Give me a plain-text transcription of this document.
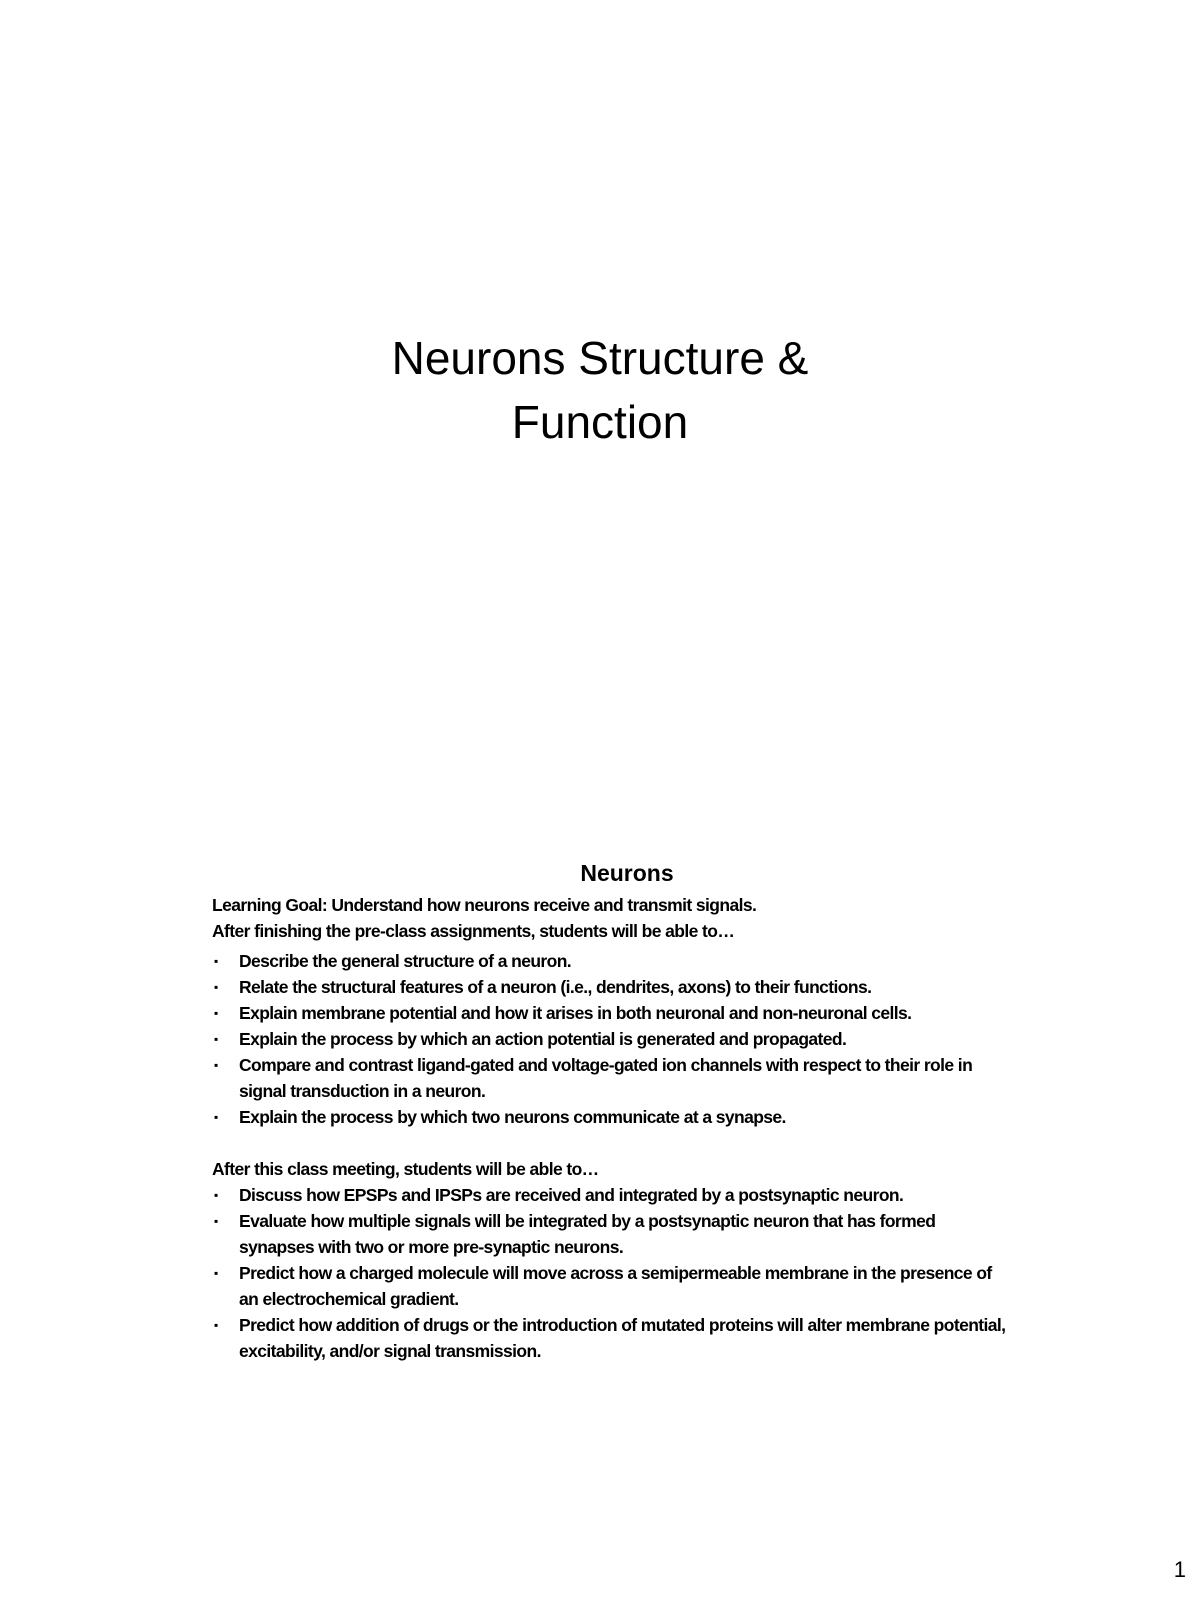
Neurons Structure &
Function
Neurons
Learning Goal: Understand how neurons receive and transmit signals.
After finishing the pre-class assignments, students will be able to…
▪ Describe the general structure of a neuron.
▪ Relate the structural features of a neuron (i.e., dendrites, axons) to their functions.
▪ Explain membrane potential and how it arises in both neuronal and non-neuronal cells.
▪ Explain the process by which an action potential is generated and propagated.
▪ Compare and contrast ligand-gated and voltage-gated ion channels with respect to their role in signal transduction in a neuron.
▪ Explain the process by which two neurons communicate at a synapse.
After this class meeting, students will be able to…
▪ Discuss how EPSPs and IPSPs are received and integrated by a postsynaptic neuron.
▪ Evaluate how multiple signals will be integrated by a postsynaptic neuron that has formed synapses with two or more pre-synaptic neurons.
▪ Predict how a charged molecule will move across a semipermeable membrane in the presence of an electrochemical gradient.
▪ Predict how addition of drugs or the introduction of mutated proteins will alter membrane potential, excitability, and/or signal transmission.
1
